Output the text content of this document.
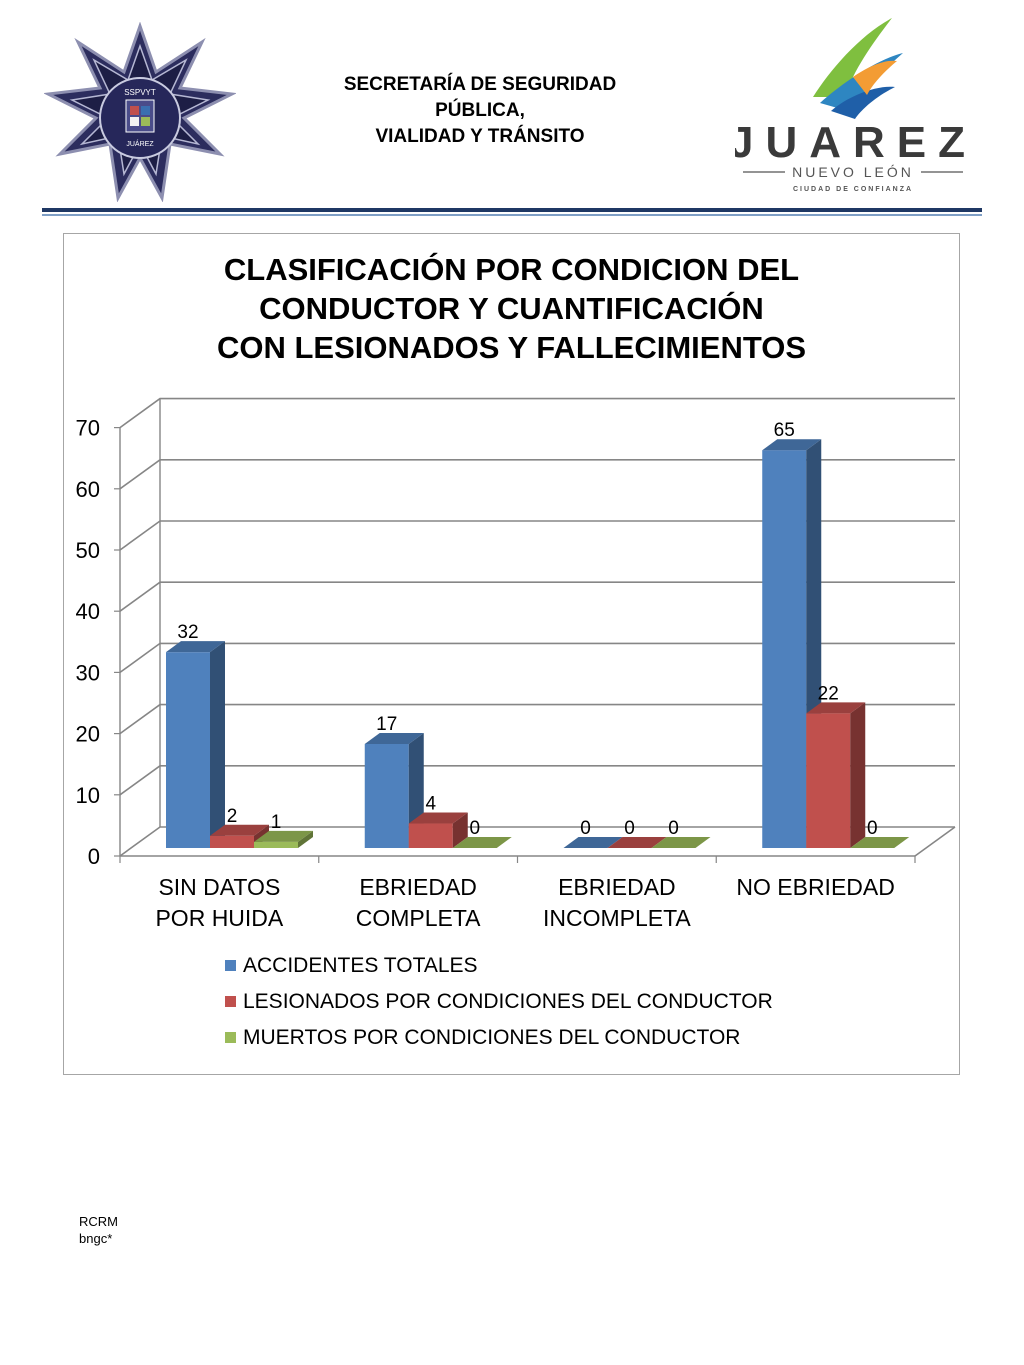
SSPVYT
JUÁREZ
SECRETARÍA DE SEGURIDAD
PÚBLICA,
VIALIDAD Y TRÁNSITO	JUAREZ
NUEVO LEÓN
CIUDAD DE CONFIANZA
CLASIFICACIÓN POR CONDICION DEL
CONDUCTOR Y CUANTIFICACIÓN
CON LESIONADOS Y FALLECIMIENTOS
0
10
20
30
40
50
60
70
32
2 1
SIN DATOS
POR HUIDA
17
4
0
EBRIEDAD
COMPLETA
0 0 0
EBRIEDAD
INCOMPLETA
65
22
0
NO EBRIEDAD
ACCIDENTES TOTALES
LESIONADOS POR CONDICIONES DEL CONDUCTOR
MUERTOS POR CONDICIONES DEL CONDUCTOR
RCRM
bngc*
